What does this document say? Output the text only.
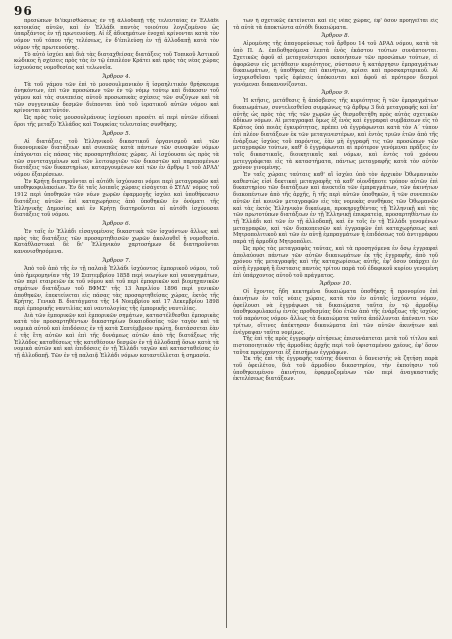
96

πρεσώπων δι'ἐκμισθώσεως ἐν τῇ ἀλλοδαπῇ τῆς τελευταίας ἐν Ἑλλάδι κατοικίας αὐτῶν, καὶ ἐν Ἑλλάδι παντὸς τοιούτου λογιζομένου ὡς ὑπαρξάντος ἐν τῇ πρωτευούσῃ. Αἱ ἐξ ἀδικημάτων ἐνοχαὶ κρίνονται κατὰ τὸν νόμον τοῦ τόπου τῆς τελέσεως, ἐν δ'ἐπιλεύσῃ ἐν τῇ ἀλλοδαπῇ κατὰ τὸν νόμον τῆς πρωτευούσης.

Τὸ αὐτὸ ἰσχύει καὶ διὰ τὰς διαταχθείσας διατάξεις τοῦ Τοπικοῦ Ἀστικοῦ κώδικος ἢ σχέσεις πρὸς τὰς ἐν τῷ ἐπιπλέον Κράτει καὶ πρὸς τὰς νέας χώρας ἰσχυούσας νομοθεσίας καὶ τελωνεῖα.

Ἄρθρον 4.

Τὰ τοῦ γάμου τῶν ἐπὶ τὸ μουσουλμανικὸν ἢ ἰσραηλιτικὸν θρήσκευμα ἀνηκόντων, ἐπὶ τῶν προσώπων τῶν ἐν τῷ νόμῳ τούτῳ καὶ διάκοσιν τοῦ γάμου καὶ τὰς συνεπείας αὐτοῦ προσωπικὰς σχέσεις τῶν συζύγων καὶ τὰ τῶν συγγενικῶν δεσμῶν διέπονται ὑπὸ τοῦ ἰερατικοῦ αὐτῶν νόμου καὶ κρίνονται κατ'αὐτόν.

Ὡς πρὸς τοὺς μουσουλμάνους ἰσχύουσι προσέτι αἱ περὶ αὐτῶν εἰδικαὶ ὅροι τῆς μεταξὺ Ἑλλάδος καὶ Τουρκίας τελευταίας συνθήκης.

Ἄρθρον 5.

Αἱ διατάξεις τοῦ Ἑλληνικοῦ δικαστικοῦ ὀργανισμοῦ καὶ τῶν δικονομικῶν διατάξεων καὶ συνεπῶς κατὰ πάντων τῶν συναφῶν νόμων ἐπάγονται εἰς πάσας τὰς προσαρτηθείσας χώρας. Αἱ ἰσχύουσαι ὡς πρὸς τὰ τῶν συντεταγμένων καὶ τῶν λειτουργιῶν τῶν δικαστῶν καὶ παρεπομένων διατάξεις τῶν δικαστηρίων, καταργουμένων καὶ τῶν ἐν ἄρθρῳ 1 τοῦ ΔΡΛΔ' νόμου ἐξαιρέσεων.

Ἐν Κρήτῃ διατηροῦνται αἱ αὐτόθι ἰσχύουσαι νόμοι περὶ μεταγραφῶν καὶ υποθηκοφυλακείων. Ἐν δὲ ταῖς λοιπαῖς χώραις εἰσάγεται ὁ ΣΥΛΔ' νόμος τοῦ 1912 περὶ ὑποθηκῶν τῶν νέων χωρῶν ἐφαρμογῆς ἰσχύει καὶ ὑποθήκευσιν διατάξεις αὐτῶν· ἐπὶ καταχωρήσεις ἀπὸ ὑποθηκῶν ἐν ὀνόματι τῆς Ἑλληνικῆς Δημοσίας καὶ ἐν Κρήτῃ διατηροῦνται αἱ αὐτόθι ἰσχύουσαι διατάξεις τοῦ νόμου.

Ἄρθρον 6.

Ἐν ταῖς ἐν Ἑλλάδι εἰσαγομένοις δικαστικὰ τῶν ἰσχυόντων ἄλλως καὶ πρὸς τὰς διατάξεις τῶν προσαρτηθεισῶν χωρῶν ἀκολουθεῖ ἡ νομοθεσία. Κατάθλαστικαὶ δὲ δι' Ἑλληνικὸν χαρτοσήμων δὲ διατηροῦνται κανονισθησόμενα.

Ἄρθρον 7.

Ἀπὸ τοῦ ἀπὸ τῆς ἐν τῇ παλαιᾷ Ἑλλάδι ἰσχύοντος ἐμπορικοῦ νόμου, τοῦ ὑπὸ ἡμερομηνίαν τῆς 19 Σεπτεμβρίου 1858 περὶ νεωγίων καὶ ναυαγημάτων, τῶν περὶ εταιρειῶν ἐκ τοῦ νόμου καὶ τοῦ περὶ ἐμπορικῶν καὶ βιομηχανικῶν σημάτων διατάξεων τοῦ ΒΦΜΣ' τῆς 13 Ἀπριλίου 1896 περὶ γενικῶν ἀποθηκῶν, ἐπεκτείνεται εἰς πάσας τὰς προσαρτηθείσας χώρας, ἐκτὸς τῆς Κρήτης. Γενικὰ Β. διατάγματα τῆς 14 Νοεμβρίου καὶ 17 Δεκεμβρίου 1898 περὶ ἐμπορικῆς ναυτιλίας καὶ ναυτολογίας τῆς ἐμπορικῆς ναυτιλίας.

Διὰ τῶν ἐμπορικῶν καὶ ἐμπορικῶν σημάτων, καταστέλθεσθαι ἐμπορικὰς κατὰ τὸν προσαρτηθέντων δικαστηρίων δικαιοδοσίας τῶν ταγὸν καὶ τὰ νομικὰ αὐτοῦ καὶ ἐπιδόσεις ἐν τῇ κατὰ Σεπτέμβριον πρώτῃ, διατάσσεται ἐὰν ἑ τῆς ἔτη αὐτῶν καὶ ἐπὶ τῆς δυνάμεως αὐτῶν ἀπὸ τῆς διατάξεως τῆς Ἑλλάδος καταθέσεως τῆς κατεθέσουν δεσμῶν ἐν τῇ ἀλλοδαπῇ ὅσων κατὰ τὰ νομικὰ αὐτῶν καὶ καὶ ἐπιδόσεις ἐν τῇ Ἑλλάδι ταγῶν καὶ κατασταθείσας ἐν τῇ ἀλλοδαπῇ. Τῶν ἐν τῇ παλαιᾷ Ἑλλάδι νόμων καταστέλλεται ἡ σημασία.

των ἢ σχετικῶς ἐκτείνεται καὶ εἰς νέας χώρας, ἐφ' ὅσον προηγεῖται εἰς τὰ αὐτὰ τὰ ἀποκτώντα αὐτόθι δικαιώματα.

Ἄρθρον 8.

Αἱρομένης τῆς ἀπαγορεύσεως τοῦ ἄρθρου 14 τοῦ ΔΡΑΔ νόμου, κατὰ τὰ ὑπὸ Π. Δ. ἐπιδοθησόμενα λεπτὰ ἐνὸς ἑκάστου τούτων συνάπτονται. Σχετικῶς ἀφοῦ αἱ μεταγενέστεροι εκποιήσεων τῶν προσώπων τούτων, εἰ ἀφορῶσιν εἰς μετάθεσιν κυριότητος, σύστασιν ἢ κατάργησιν ἐμπραγμάτων δικαιωμάτων, ἡ ὑποθήκας ἐπὶ ἀκινήτων, κρίσει καὶ προσκαρτερικοῦ. Αἱ ἰσχυρισθεῖσαι τρεῖς ἐφέσεις ὑπόκεινται καὶ ἀφοῦ αἱ πρότερον δεσμοὶ γενόμεναι διακανονίζονται.

Ἄρθρον 9.

Ἡ κτῆσις, μετάθεσις ἢ ἀπόσβεσις τῆς κυριότητος ἢ τῶν ἐμπραγμάτων δικαιωμάτων, συντελεσθεῖσα συμφώνως τῷ ἄρθρῳ 3 διὰ μεταγραφῆς καὶ ἐπ' αὐτῆς ὡς πρὸς τὰς τῆς τῶν χωρῶν ὡς θεσμοθετήθη πρὸς αὐτὰς σχετικῶν ἀδίκων νόμων. Αἱ μεταγραφαὶ ὅμως ἐξ ἑνὸς καὶ ἐγγραφαὶ συμβάσεων εἰς τὸ Κράτος ὑπὸ ποιὰς ἐγκυρότητας, πρέπει νὰ ἐγγράφωνται κατὰ τὸν Α΄ τύπον ἐπὶ πλέον διατάξεων ἐκ τῶν μεταγενεστέρων, καὶ ἐντὸς τριῶν ἐτῶν ἀπὸ τῆς ἐνάρξεως ἰσχύος τοῦ παρόντος, ἐὰν μὴ ἐγγραφῆ τις τῶν προσώπων τῶν μεταγραφῶν τούτων, καθ' ὃ ἐγγράφωνται αἱ πρότερον γενόμεναι πρᾶξεις ἐν ταῖς δικαστικαῖς, διοικητικαῖς καὶ νόμων, καὶ ἐντὸς τοῦ χρόνου μετεγγράφεται εἰς τὰ καταστήματα, πάντως μεταγραφῆς κατὰ τὸν αὐτὸν χρόνον γινομένης.

Ἐν ταῖς χώραις ταύταις καθ' αἳ ἰσχύει ὑπὸ τὸν ἀρχικὸν Ὀθωμανικὸν καθεστὼς εἰσὶ δεκτικαὶ μεταγραφῆς τὰ καθ' οἱονδήποτε τρόπον αὐτῶν ἐπὶ δικαστηρίου τῶν διατάξεων καὶ ἀνεκτεῖα τῶν ἐμπραγμάτων, τῶν ἀκινήτων διακοπέντων ἀπὸ τῆς ἀρχῆς, ἢ τῆς περὶ αὐτῶν ὑποθηκῶν, ἢ τῶν συνεπειῶν αὐτῶν ἐπὶ κοινῶν μεταγραφῶν εἰς τὰς νομικὰς συνθήκας τῶν Ὀθωμανῶν καὶ τὰς ἐκτὸς Ἑλληνικὸν δικαίωμα, προκηρυχθέντας τῇ Ἑλληνικῇ καὶ τὰς τῶν πρωτοτύπων διατάξεων ἐν τῇ Ἑλληνικῇ ἐπικρατείᾳ, προσαρτηθέντων ἐν τῇ Ἑλλάδι καὶ τῶν ἐν τῇ ἀλλοδαπῇ, καὶ ἐν τοῖς ἐν τῇ Ἑλλάδι γενομένων μεταγραφῶν, καὶ τῶν διακοπεισῶν καὶ ἐγγραφῶν ἐπὶ καταχωρήσεως καὶ Μητροπολιτικοῦ καὶ τῶν ἐν αὐτῇ ἐμπραγμάτων ἢ ἐπιδόσεως τοῦ ἀντιγράφου παρὰ τῇ ἀρμοδίᾳ Μητροπόλει.

Ὡς πρὸς τὰς μεταγραφὰς ταύτας, καὶ τὰ προσηγόμενα ἐν ὅσῳ ἐγγραφαὶ ἀπολαύουσι πάντων τῶν αὐτῶν δικαιωμάτων ἐκ τῆς ἐγγραφῆς, ἀπὸ τοῦ χρόνου τῆς μεταγραφῆς καὶ τῆς καταχωρίσεως αὐτῆς, ἐφ' ὅσον ὑπάρχει ἐν αὐτῇ ἐγγραφὴ ἢ ἔνστασις παντὸς τρίτου παρὰ τοῦ ἐδαφικοῦ κυρίου γενομένη ἐπὶ ὑπάρχοντος αὐτοῦ τοῦ πράγματος.

Ἄρθρον 10.

Οἱ ἔχοντες ἤδη κεκτημένα δικαιώματα ὑποθήκης ἢ προνομίου ἐπὶ ἀκινήτων ἐν ταῖς νέαις χώραις, κατὰ τὸν ἐν αὐταῖς ἰσχύοντα νόμον, ὀφείλουσι νὰ ἐγγράψωσι τὰ δικαιώματα ταῦτα ἐν τῷ ἀρμοδίῳ ὑποθηκοφυλακείῳ ἐντὸς προθεσμίας δύο ἐτῶν ἀπὸ τῆς ἐνάρξεως τῆς ἰσχύος τοῦ παρόντος νόμου· ἄλλως τὰ δικαιώματα ταῦτα ἀπόλλυνται ἀπέναντι τῶν τρίτων, οἵτινες ἀπέκτησαν δικαιώματα ἐπὶ τῶν αὐτῶν ἀκινήτων καὶ ἐνέγραψαν ταῦτα νομίμως.

Τῆς ἐπὶ τῆς πρὸς ἐγγραφὴν αἰτήσεως ἐπισυνάπτεται μετὰ τοῦ τίτλου καὶ πιστοποιητικὸν τῆς ἀρμοδίας ἀρχῆς περὶ τοῦ ὑφισταμένου χρέους, ἐφ' ὅσον ταῦτα προέρχονται ἐξ ἐπισήμων ἐγγράφων.

Ἐκ τῆς ἐπὶ τῆς ἐγγραφῆς ταύτης δύναται ὁ δανειστὴς νὰ ζητήσῃ παρὰ τοῦ ὀφειλέτου, διὰ τοῦ ἀρμοδίου δικαστηρίου, τὴν ἐκποίησιν τοῦ ὑποθηκευμένου ἀκινήτου, ἐφαρμοζομένων τῶν περὶ ἀναγκαστικῆς ἐκτελέσεως διατάξεων.
